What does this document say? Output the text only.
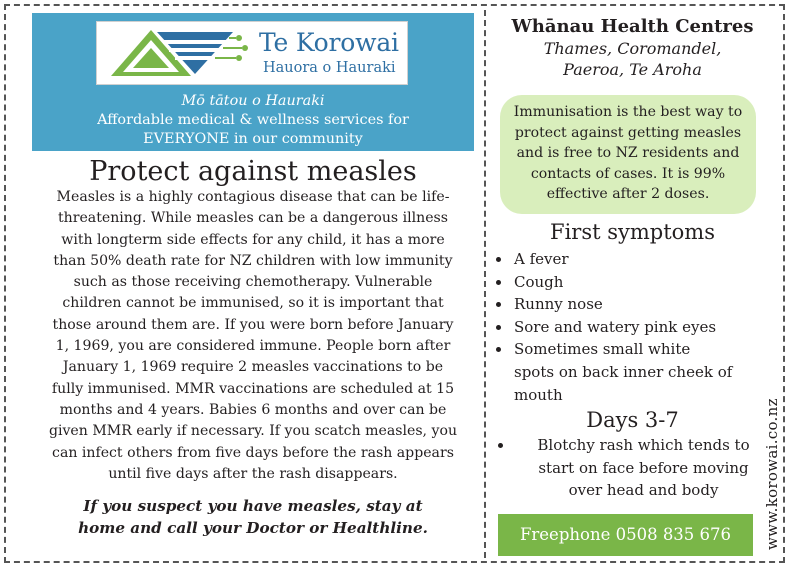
Te Korowai
Hauora o Hauraki
Mō tātou o Hauraki
Affordable medical & wellness services for
EVERYONE in our community
Protect against measles
Measles is a highly contagious disease that can be life-
threatening. While measles can be a dangerous illness
with longterm side effects for any child, it has a more
than 50% death rate for NZ children with low immunity
such as those receiving chemotherapy. Vulnerable
children cannot be immunised, so it is important that
those around them are. If you were born before January
1, 1969, you are considered immune. People born after
January 1, 1969 require 2 measles vaccinations to be
fully immunised. MMR vaccinations are scheduled at 15
months and 4 years. Babies 6 months and over can be
given MMR early if necessary. If you scatch measles, you
can infect others from five days before the rash appears
until five days after the rash disappears.
If you suspect you have measles, stay at
home and call your Doctor or Healthline.
Whānau Health Centres
Thames, Coromandel,
Paeroa, Te Aroha
Immunisation is the best way to
protect against getting measles
and is free to NZ residents and
contacts of cases. It is 99%
effective after 2 doses.
First symptoms
A fever
Cough
Runny nose
Sore and watery pink eyes
Sometimes small white
spots on back inner cheek of
mouth
Days 3-7
Blotchy rash which tends to
start on face before moving
over head and body
Freephone 0508 835 676	www.korowai.co.nz
